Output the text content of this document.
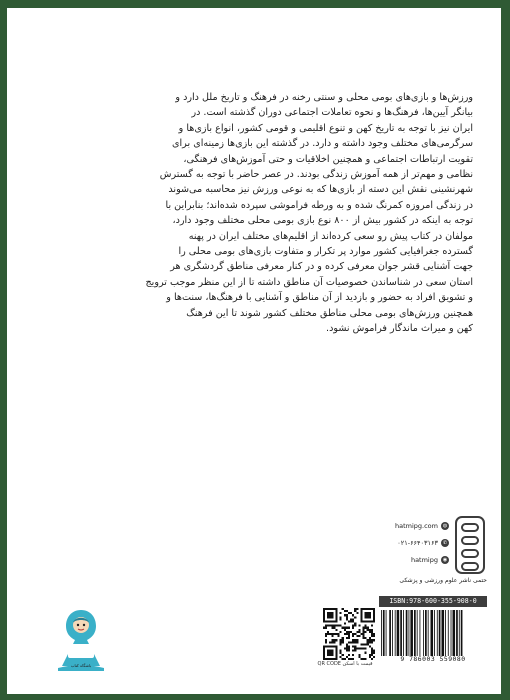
ورزش‌ها و بازی‌های بومی محلی و سنتی رخنه در فرهنگ و تاریخ ملل دارد و
بیانگر آیین‌ها، فرهنگ‌ها و نحوه تعاملات اجتماعی دوران گذشته است. در
ایران نیز با توجه به تاریخ کهن و تنوع اقلیمی و قومی کشور، انواع بازی‌ها و
سرگرمی‌های مختلف وجود داشته و دارد. در گذشته این بازی‌ها زمینه‌ای برای
تقویت ارتباطات اجتماعی و همچنین اخلاقیات و حتی آموزش‌های فرهنگی،
نظامی و مهم‌تر از همه آموزش زندگی بودند. در عصر حاضر با توجه به گسترش
شهرنشینی نقش این دسته از بازی‌ها که به نوعی ورزش نیز محاسبه می‌شوند
در زندگی امروزه کمرنگ شده و به ورطه فراموشی سپرده شده‌اند؛ بنابراین با
توجه به اینکه در کشور بیش از ۸۰۰ نوع بازی بومی محلی مختلف وجود دارد،
مولفان در کتاب پیش رو سعی کرده‌اند از اقلیم‌های مختلف ایران در پهنه
گسترده جغرافیایی کشور موارد پر تکرار و متفاوت بازی‌های بومی محلی را
جهت آشنایی قشر جوان معرفی کرده و در کنار معرفی مناطق گردشگری هر
استان سعی در شناساندن خصوصیات آن مناطق داشته تا از این منظر موجب ترویج
و تشویق افراد به حضور و بازدید از آن مناطق و آشنایی با فرهنگ‌ها، سنت‌ها و
همچنین ورزش‌های بومی محلی مناطق مختلف کشور شوند تا این فرهنگ
کهن و میراث ماندگار فراموش نشود.
باشگاه کتاب	قیمت با اسکن QR CODE
hatmipg.com ◍
۰۲۱-۶۶۴۰۳۱۶۳ ✆
hatmipg ◉
حتمی ناشر علوم ورزشی و پزشکی
ISBN:978-600-355-908-0
9 786003 559080
